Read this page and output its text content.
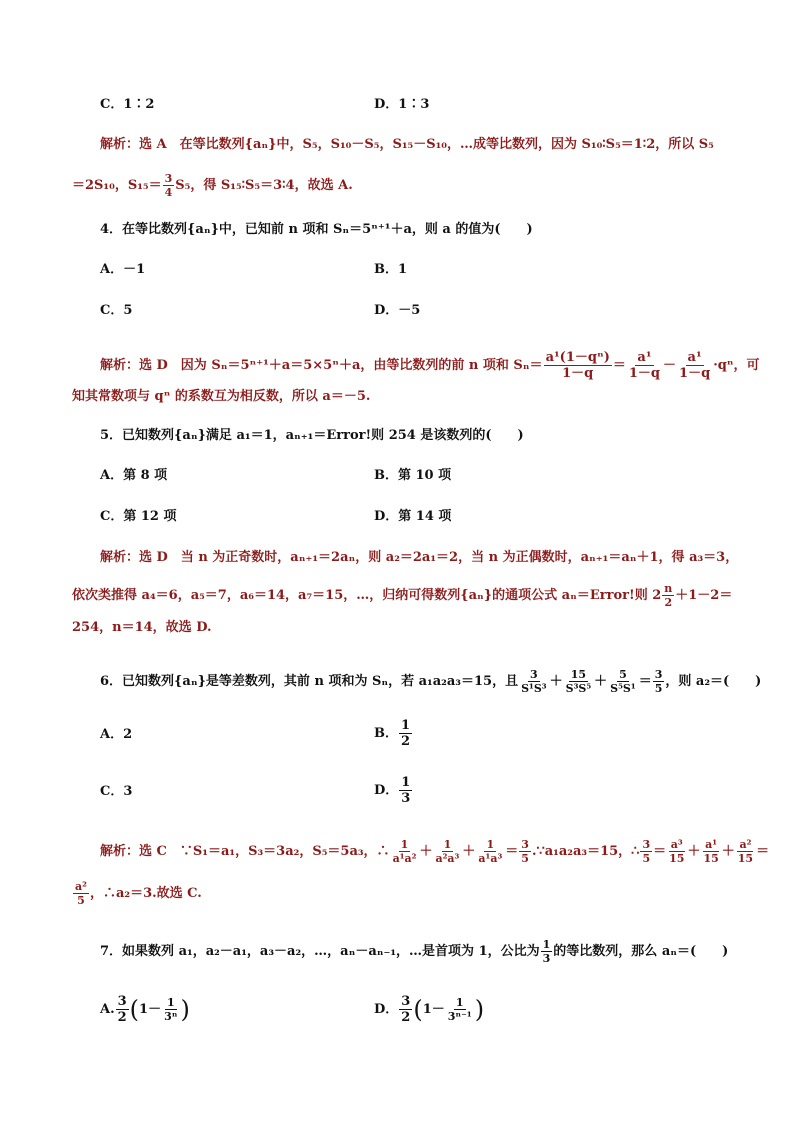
C．1∶2	D．1∶3
解析：选 A　在等比数列{aₙ}中，S₅，S₁₀－S₅，S₁₅－S₁₀，…成等比数列，因为 S₁₀∶S₅＝1∶2，所以 S₅
＝2S₁₀，$S_{15}= \frac{3}{4} S_5$，得 S₁₅∶S₅＝3∶4，故选 A.
4．在等比数列{aₙ}中，已知前 n 项和 Sₙ＝5ⁿ⁺¹＋a，则 a 的值为(　　)
A．－1	B．1
C．5	D．－5
解析：选 D　因为 Sₙ＝5ⁿ⁺¹＋a＝5×5ⁿ＋a，由等比数列的前 n 项和 $S_n= \frac{\text{a¹(1－qⁿ)}}{1-q} = \frac{\text{a¹}}{1-q} - \frac{\text{a¹}}{1-q} \cdot q^n$，可
知其常数项与 qⁿ 的系数互为相反数，所以 a＝－5.
5．已知数列{aₙ}满足 a₁＝1，aₙ₊₁＝Error!则 254 是该数列的(　　)
A．第 8 项	B．第 10 项
C．第 12 项	D．第 14 项
解析：选 D　当 n 为正奇数时，aₙ₊₁＝2aₙ，则 a₂＝2a₁＝2，当 n 为正偶数时，aₙ₊₁＝aₙ＋1，得 a₃＝3，
依次类推得 a₄＝6，a₅＝7，a₆＝14，a₇＝15，…，归纳可得数列{aₙ}的通项公式 aₙ＝Error!则 $2 \frac{n}{2} +1-2=$
254，n＝14，故选 D.
6．已知数列{aₙ}是等差数列，其前 n 项和为 Sₙ，若 a₁a₂a₃＝15，且 $\frac{3}{\text{S¹S³}} + \frac{15}{\text{S³S⁵}} + \frac{5}{\text{S⁵S¹}} = \frac{3}{5}$ ，则 a₂＝(　　)
A．2	B． $\frac{1}{2}$
C．3	D． $\frac{1}{3}$
解析：选 C　∵S₁＝a₁，S₃＝3a₂，S₅＝5a₃，∴ $\frac{1}{\text{a¹a²}} + \frac{1}{\text{a²a³}} + \frac{1}{\text{a¹a³}} = \frac{3}{5}$ .∵a₁a₂a₃＝15，∴ $\frac{3}{5} = \frac{\text{a³}}{15} + \frac{\text{a¹}}{15} + \frac{\text{a²}}{15}$ ＝
$\frac{\text{a²}}{5}$ ，∴a₂＝3.故选 C.
7．如果数列 a₁，a₂－a₁，a₃－a₂，…，aₙ－aₙ₋₁，…是首项为 1，公比为 $\frac{1}{3}$ 的等比数列，那么 aₙ＝(　　)
A. $\frac{3}{2} (1- \frac{1}{\text{3ⁿ}}$ )	D． $\frac{3}{2} (1- \frac{1}{\text{3ⁿ⁻¹}}$ )
